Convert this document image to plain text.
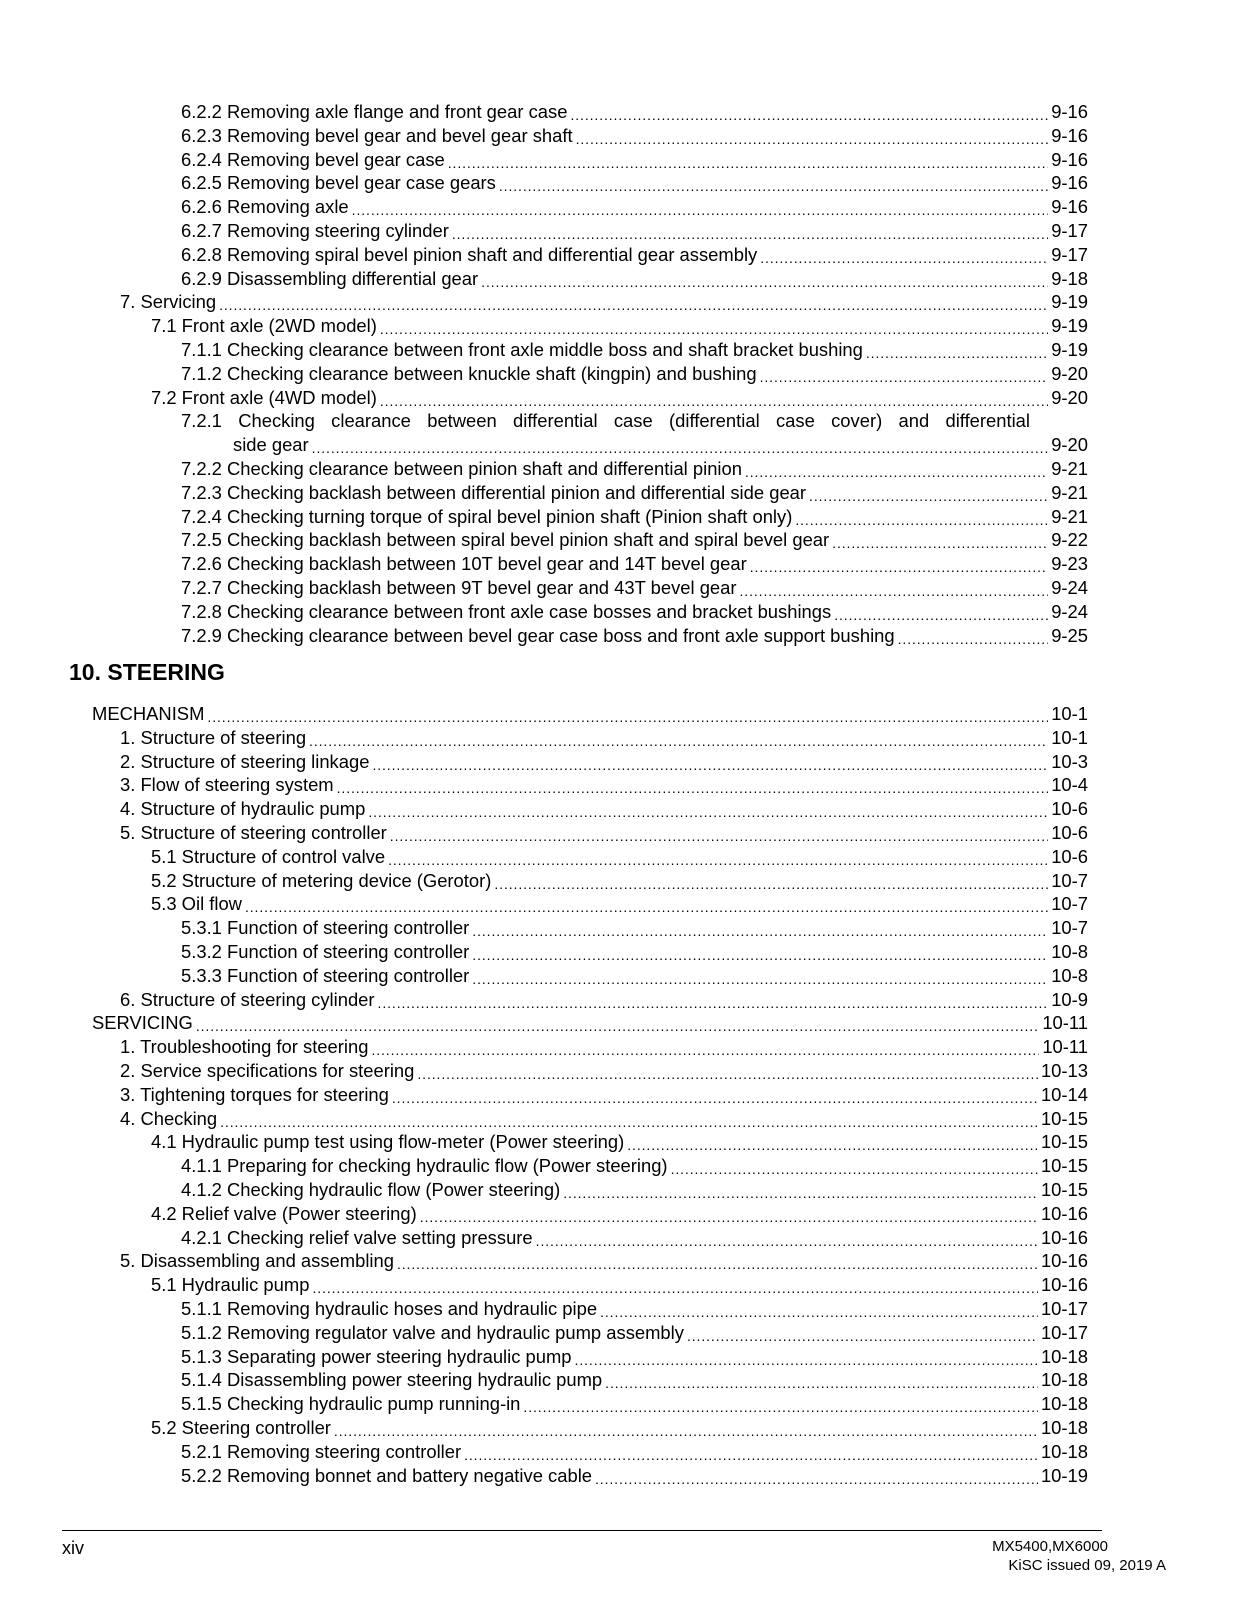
6.2.2 Removing axle flange and front gear case .....	9-16
6.2.3 Removing bevel gear and bevel gear shaft .....	9-16
6.2.4 Removing bevel gear case .....	9-16
6.2.5 Removing bevel gear case gears .....	9-16
6.2.6 Removing axle .....	9-16
6.2.7 Removing steering cylinder .....	9-17
6.2.8 Removing spiral bevel pinion shaft and differential gear assembly .....	9-17
6.2.9 Disassembling differential gear .....	9-18
7. Servicing .....	9-19
7.1 Front axle (2WD model) .....	9-19
7.1.1 Checking clearance between front axle middle boss and shaft bracket bushing .....	9-19
7.1.2 Checking clearance between knuckle shaft (kingpin) and bushing .....	9-20
7.2 Front axle (4WD model) .....	9-20
7.2.1 Checking clearance between differential case (differential case cover) and differential
side gear .....	9-20
7.2.2 Checking clearance between pinion shaft and differential pinion .....	9-21
7.2.3 Checking backlash between differential pinion and differential side gear .....	9-21
7.2.4 Checking turning torque of spiral bevel pinion shaft (Pinion shaft only) .....	9-21
7.2.5 Checking backlash between spiral bevel pinion shaft and spiral bevel gear .....	9-22
7.2.6 Checking backlash between 10T bevel gear and 14T bevel gear .....	9-23
7.2.7 Checking backlash between 9T bevel gear and 43T bevel gear .....	9-24
7.2.8 Checking clearance between front axle case bosses and bracket bushings .....	9-24
7.2.9 Checking clearance between bevel gear case boss and front axle support bushing .....	9-25
10. STEERING
MECHANISM .....	10-1
1. Structure of steering .....	10-1
2. Structure of steering linkage .....	10-3
3. Flow of steering system .....	10-4
4. Structure of hydraulic pump .....	10-6
5. Structure of steering controller .....	10-6
5.1 Structure of control valve .....	10-6
5.2 Structure of metering device (Gerotor) .....	10-7
5.3 Oil flow .....	10-7
5.3.1 Function of steering controller .....	10-7
5.3.2 Function of steering controller .....	10-8
5.3.3 Function of steering controller .....	10-8
6. Structure of steering cylinder .....	10-9
SERVICING .....	10-11
1. Troubleshooting for steering .....	10-11
2. Service specifications for steering .....	10-13
3. Tightening torques for steering .....	10-14
4. Checking .....	10-15
4.1 Hydraulic pump test using flow-meter (Power steering) .....	10-15
4.1.1 Preparing for checking hydraulic flow (Power steering) .....	10-15
4.1.2 Checking hydraulic flow (Power steering) .....	10-15
4.2 Relief valve (Power steering) .....	10-16
4.2.1 Checking relief valve setting pressure .....	10-16
5. Disassembling and assembling .....	10-16
5.1 Hydraulic pump .....	10-16
5.1.1 Removing hydraulic hoses and hydraulic pipe .....	10-17
5.1.2 Removing regulator valve and hydraulic pump assembly .....	10-17
5.1.3 Separating power steering hydraulic pump .....	10-18
5.1.4 Disassembling power steering hydraulic pump .....	10-18
5.1.5 Checking hydraulic pump running-in .....	10-18
5.2 Steering controller .....	10-18
5.2.1 Removing steering controller .....	10-18
5.2.2 Removing bonnet and battery negative cable .....	10-19
xiv	MX5400,MX6000
KiSC issued 09, 2019 A
